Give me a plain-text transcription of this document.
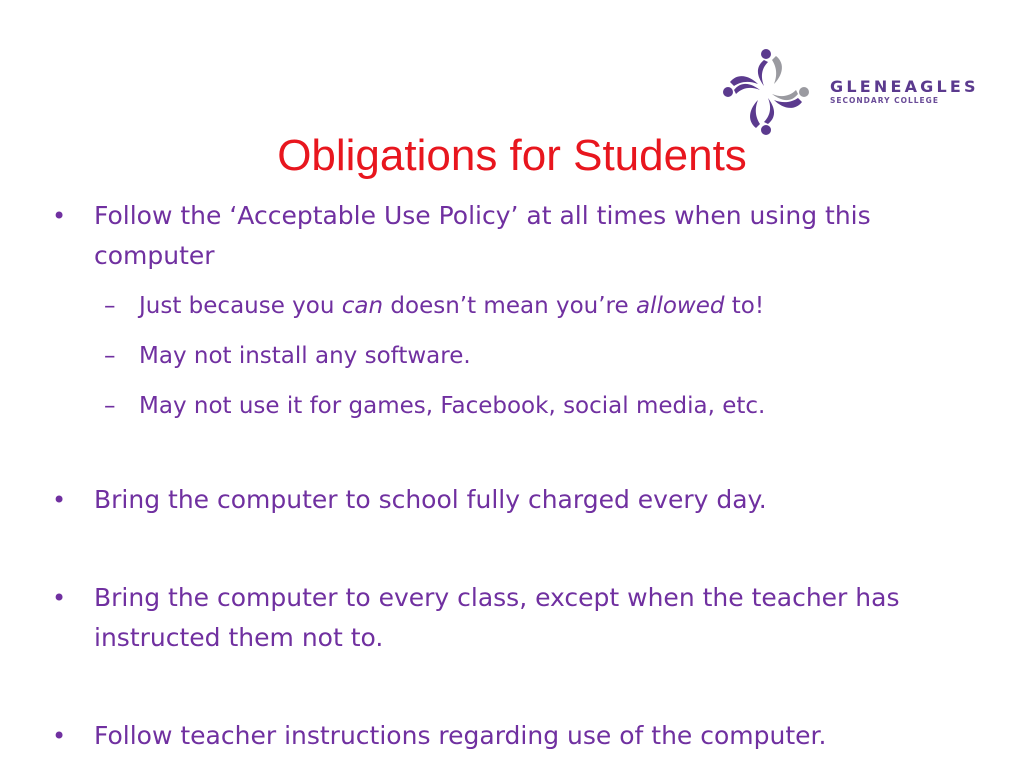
GLENEAGLES
SECONDARY COLLEGE
Obligations for Students
• Follow the ‘Acceptable Use Policy’ at all times when using this computer
– Just because you can doesn’t mean you’re allowed to!
– May not install any software.
– May not use it for games, Facebook, social media, etc.
• Bring the computer to school fully charged every day.
• Bring the computer to every class, except when the teacher has instructed them not to.
• Follow teacher instructions regarding use of the computer.
